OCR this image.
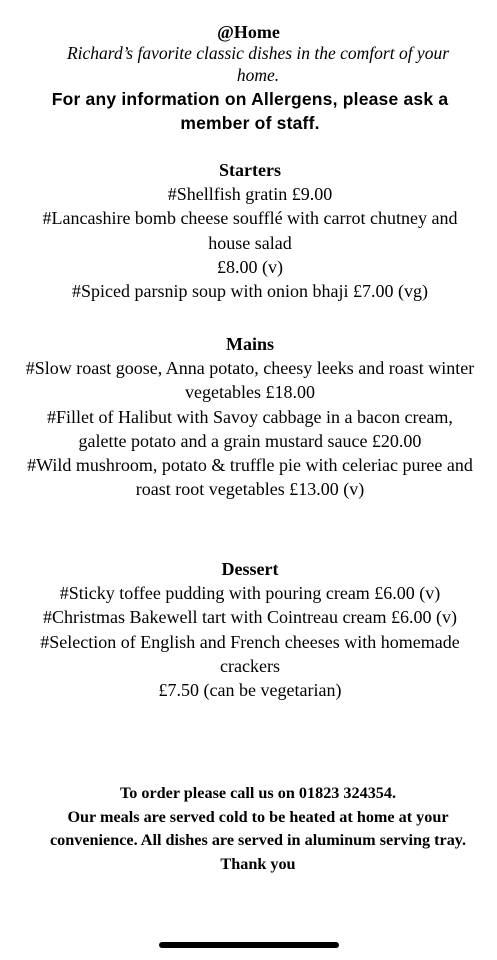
@Home
Richard’s favorite classic dishes in the comfort of your home.
For any information on Allergens, please ask a member of staff.

Starters

#Shellfish gratin £9.00

#Lancashire bomb cheese soufflé with carrot chutney and house salad

£8.00 (v)

#Spiced parsnip soup with onion bhaji £7.00 (vg)

Mains

#Slow roast goose, Anna potato, cheesy leeks and roast winter vegetables £18.00

#Fillet of Halibut with Savoy cabbage in a bacon cream, galette potato and a grain mustard sauce £20.00

#Wild mushroom, potato & truffle pie with celeriac puree and roast root vegetables £13.00 (v)

Dessert

#Sticky toffee pudding with pouring cream £6.00 (v)

#Christmas Bakewell tart with Cointreau cream £6.00 (v)

#Selection of English and French cheeses with homemade crackers

£7.50 (can be vegetarian)

To order please call us on 01823 324354.

Our meals are served cold to be heated at home at your convenience. All dishes are served in aluminum serving tray.

Thank you
